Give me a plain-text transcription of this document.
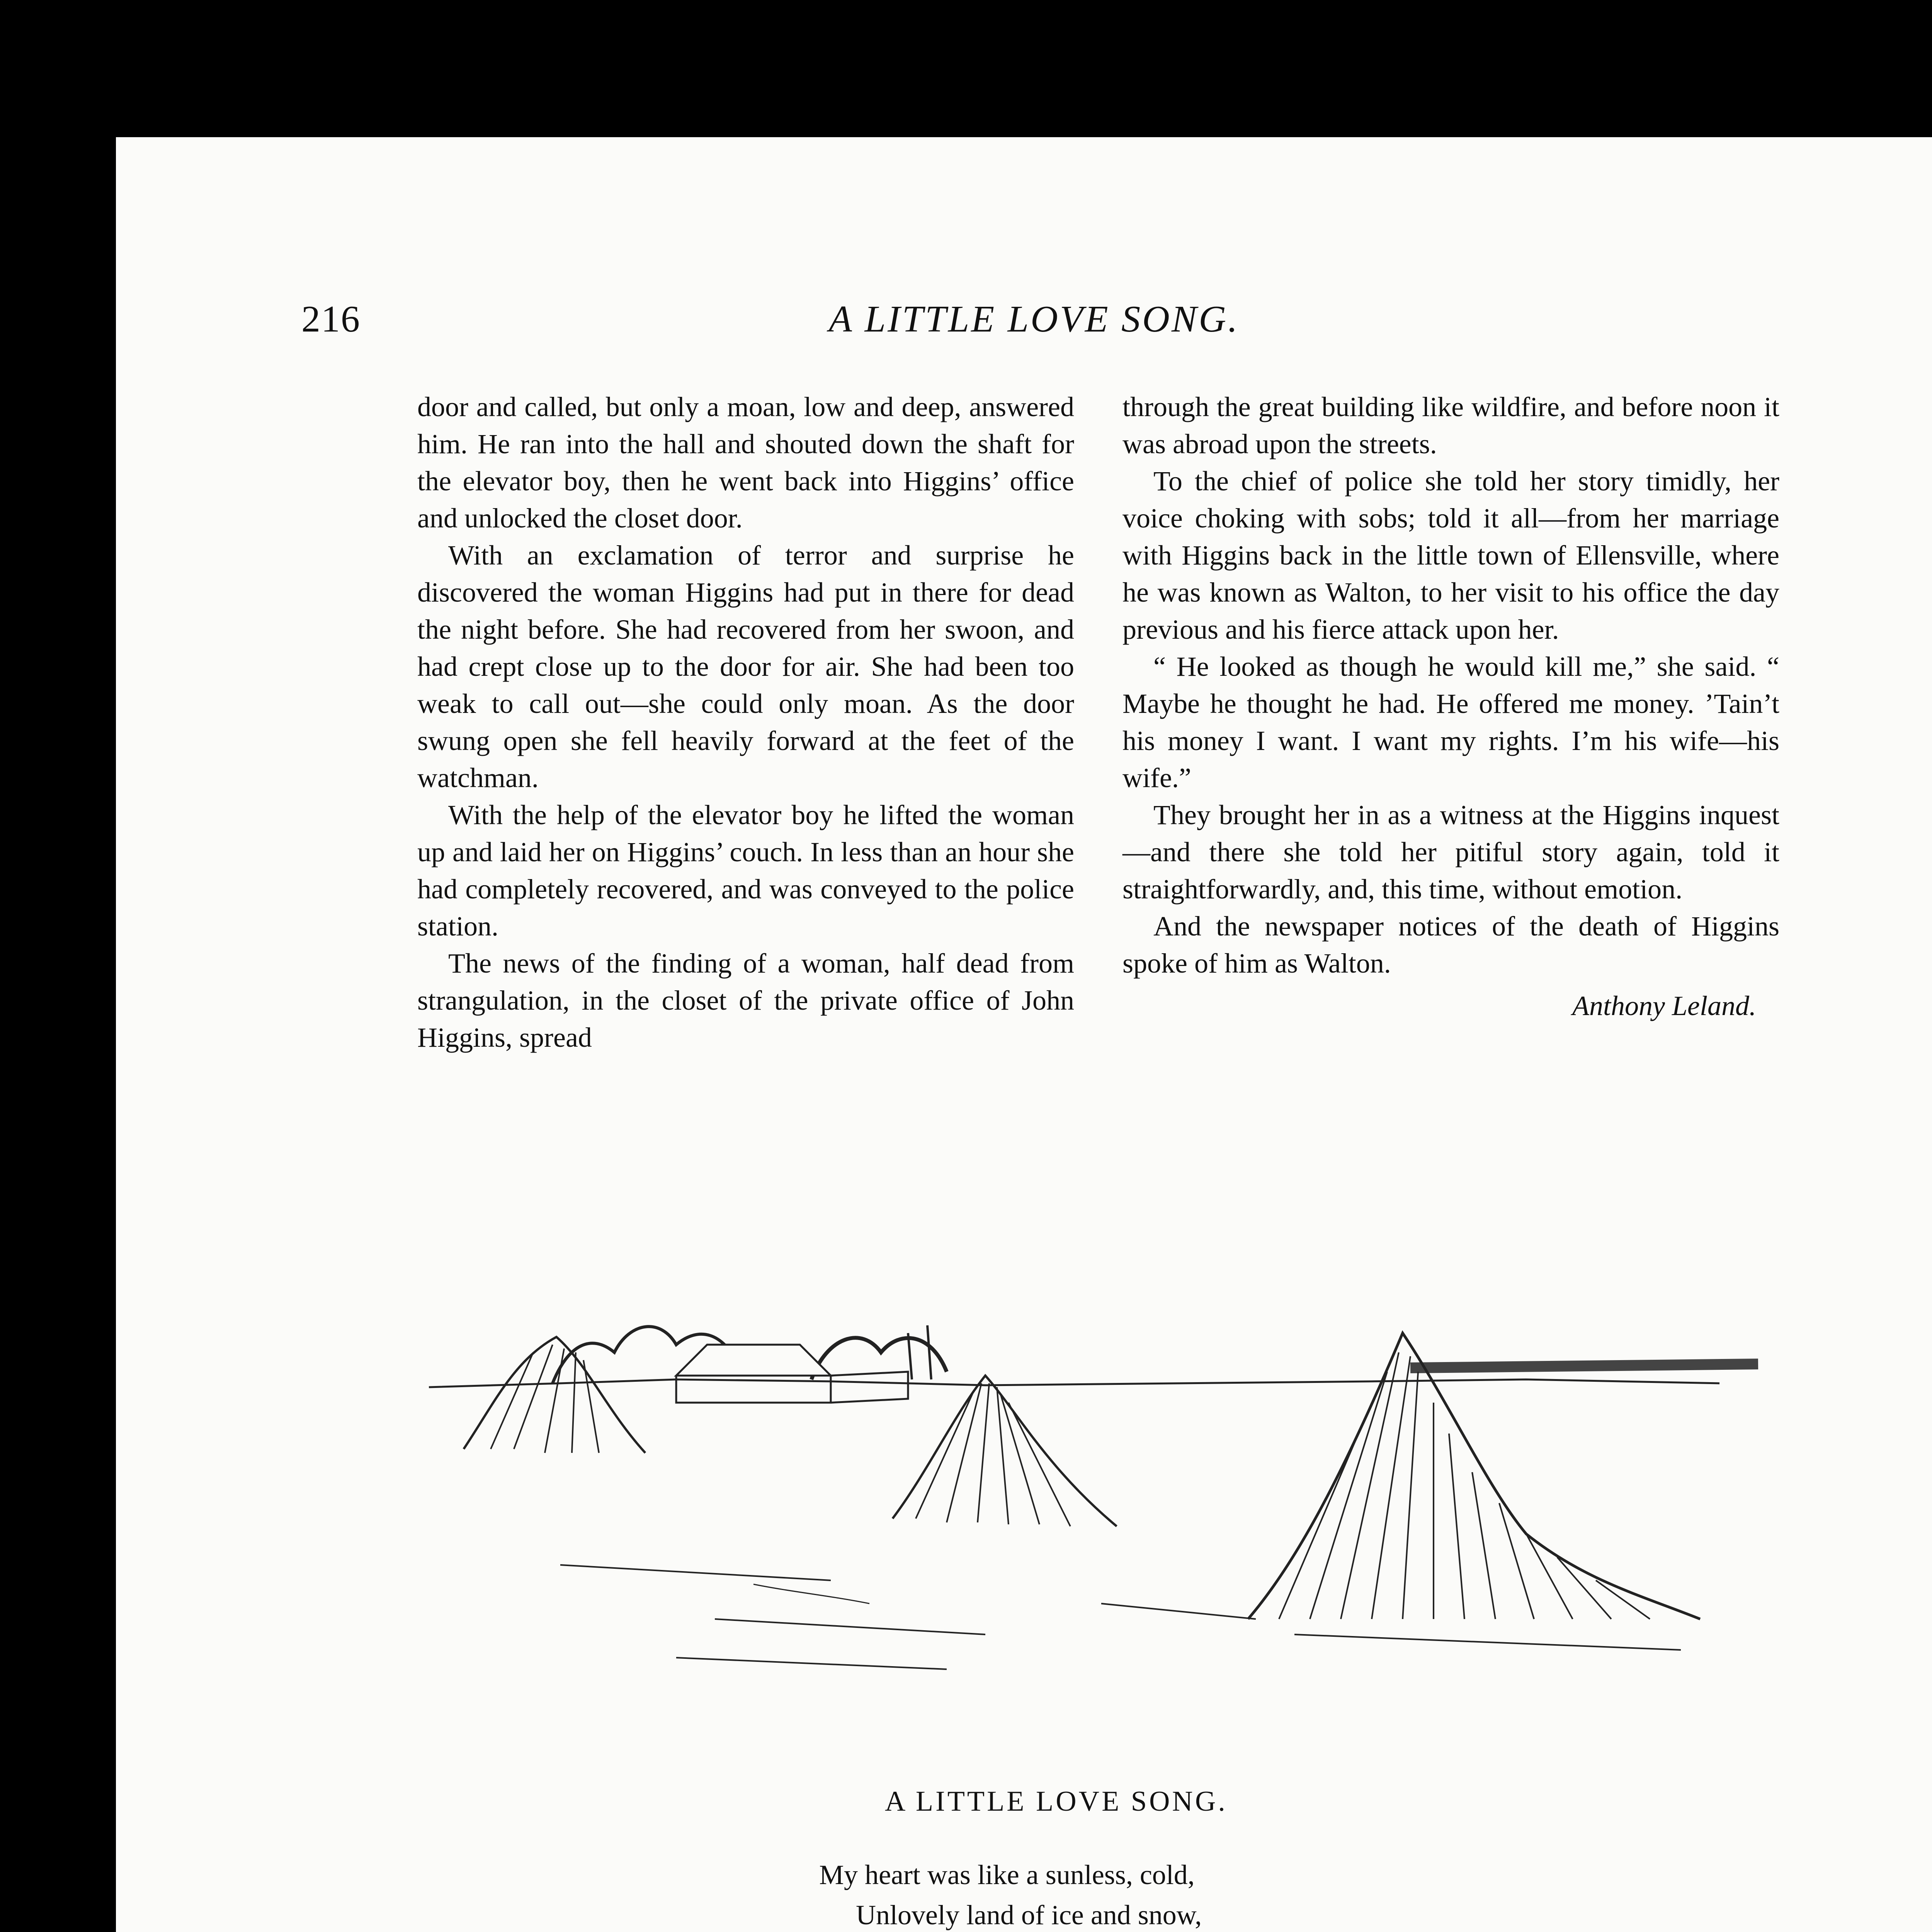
216	A LITTLE LOVE SONG.

door and called, but only a moan, low and deep, answered him. He ran into the hall and shouted down the shaft for the elevator boy, then he went back into Higgins’ office and unlocked the closet door.

With an exclamation of terror and surprise he discovered the woman Higgins had put in there for dead the night before. She had recovered from her swoon, and had crept close up to the door for air. She had been too weak to call out—she could only moan. As the door swung open she fell heavily forward at the feet of the watchman.

With the help of the elevator boy he lifted the woman up and laid her on Higgins’ couch. In less than an hour she had completely recovered, and was conveyed to the police station.

The news of the finding of a woman, half dead from strangulation, in the closet of the private office of John Higgins, spread

through the great building like wildfire, and before noon it was abroad upon the streets.

To the chief of police she told her story timidly, her voice choking with sobs; told it all—from her marriage with Higgins back in the little town of Ellensville, where he was known as Walton, to her visit to his office the day previous and his fierce attack upon her.

“ He looked as though he would kill me,” she said. “ Maybe he thought he had. He offered me money. ’Tain’t his money I want. I want my rights. I’m his wife—his wife.”

They brought her in as a witness at the Higgins inquest—and there she told her pitiful story again, told it straightforwardly, and, this time, without emotion.

And the newspaper notices of the death of Higgins spoke of him as Walton.

Anthony Leland.

A LITTLE LOVE SONG.
My heart was like a sunless, cold,
Unlovely land of ice and snow,
